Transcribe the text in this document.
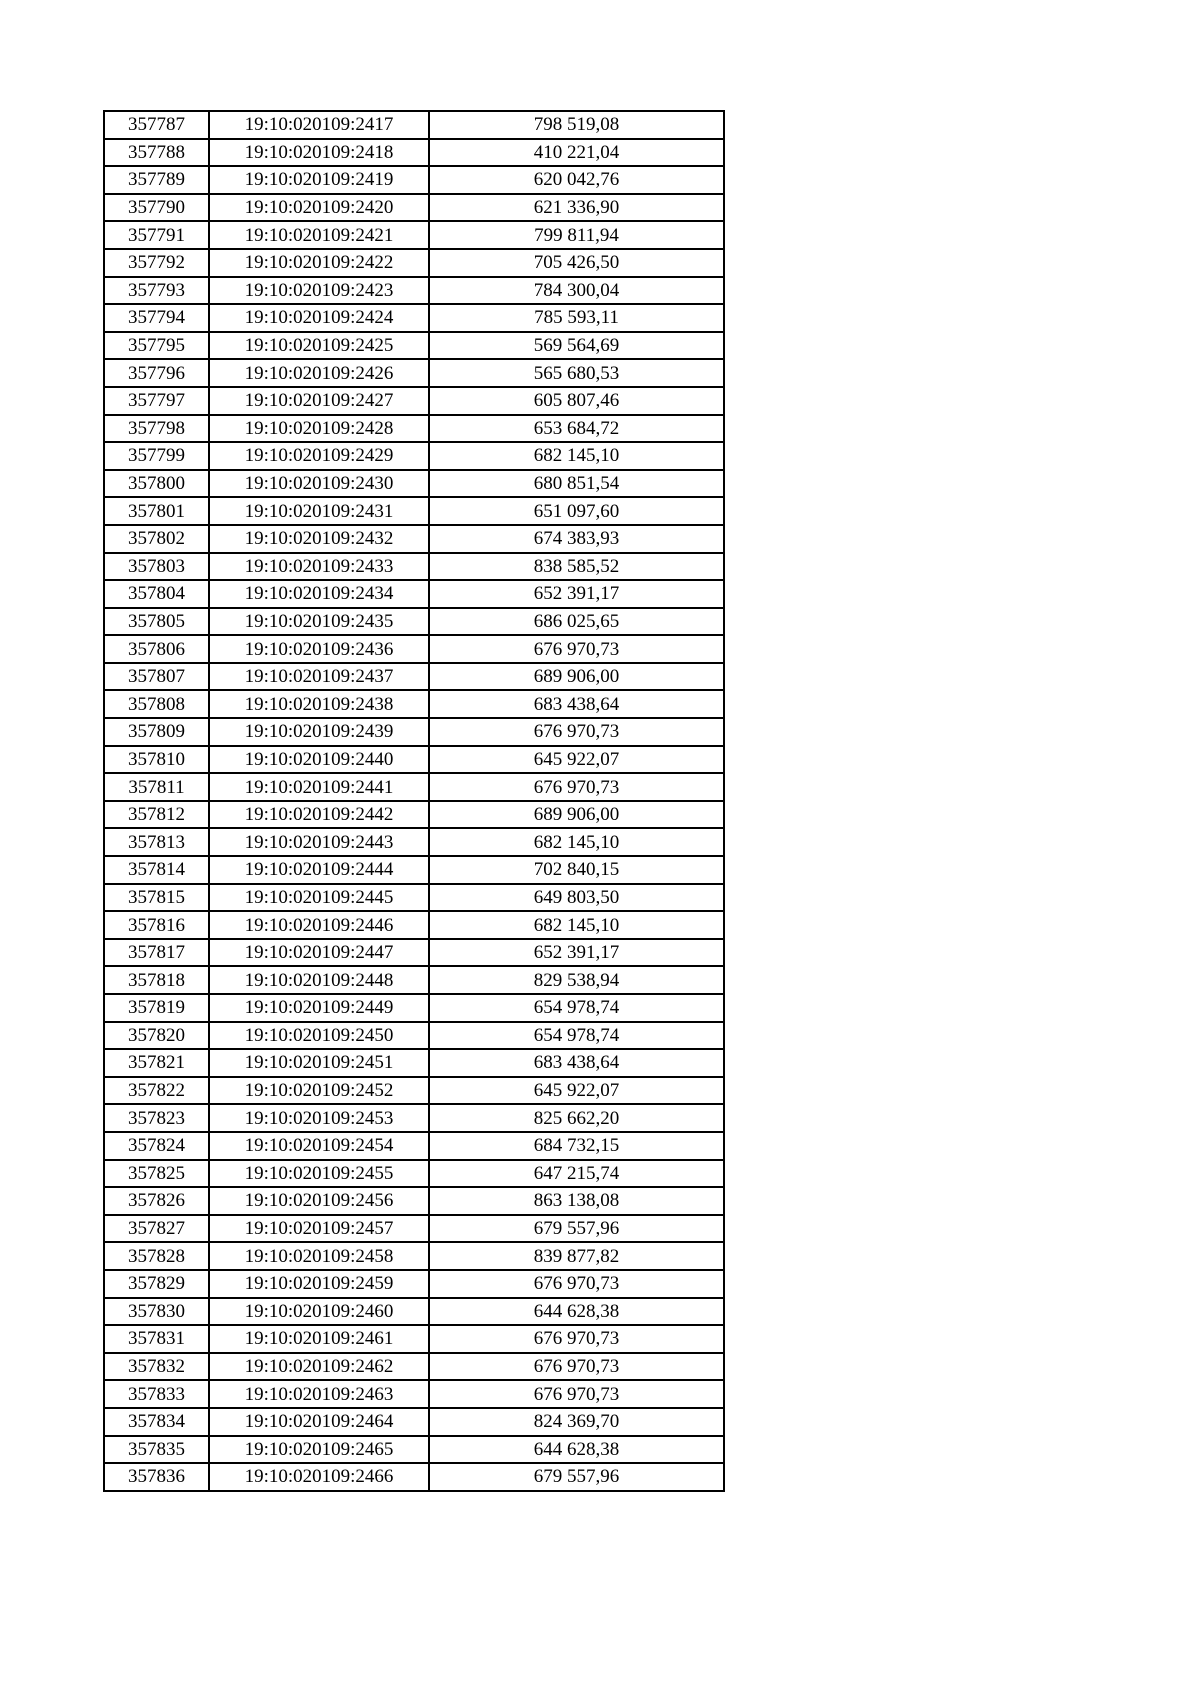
357787	19:10:020109:2417	798 519,08
357788	19:10:020109:2418	410 221,04
357789	19:10:020109:2419	620 042,76
357790	19:10:020109:2420	621 336,90
357791	19:10:020109:2421	799 811,94
357792	19:10:020109:2422	705 426,50
357793	19:10:020109:2423	784 300,04
357794	19:10:020109:2424	785 593,11
357795	19:10:020109:2425	569 564,69
357796	19:10:020109:2426	565 680,53
357797	19:10:020109:2427	605 807,46
357798	19:10:020109:2428	653 684,72
357799	19:10:020109:2429	682 145,10
357800	19:10:020109:2430	680 851,54
357801	19:10:020109:2431	651 097,60
357802	19:10:020109:2432	674 383,93
357803	19:10:020109:2433	838 585,52
357804	19:10:020109:2434	652 391,17
357805	19:10:020109:2435	686 025,65
357806	19:10:020109:2436	676 970,73
357807	19:10:020109:2437	689 906,00
357808	19:10:020109:2438	683 438,64
357809	19:10:020109:2439	676 970,73
357810	19:10:020109:2440	645 922,07
357811	19:10:020109:2441	676 970,73
357812	19:10:020109:2442	689 906,00
357813	19:10:020109:2443	682 145,10
357814	19:10:020109:2444	702 840,15
357815	19:10:020109:2445	649 803,50
357816	19:10:020109:2446	682 145,10
357817	19:10:020109:2447	652 391,17
357818	19:10:020109:2448	829 538,94
357819	19:10:020109:2449	654 978,74
357820	19:10:020109:2450	654 978,74
357821	19:10:020109:2451	683 438,64
357822	19:10:020109:2452	645 922,07
357823	19:10:020109:2453	825 662,20
357824	19:10:020109:2454	684 732,15
357825	19:10:020109:2455	647 215,74
357826	19:10:020109:2456	863 138,08
357827	19:10:020109:2457	679 557,96
357828	19:10:020109:2458	839 877,82
357829	19:10:020109:2459	676 970,73
357830	19:10:020109:2460	644 628,38
357831	19:10:020109:2461	676 970,73
357832	19:10:020109:2462	676 970,73
357833	19:10:020109:2463	676 970,73
357834	19:10:020109:2464	824 369,70
357835	19:10:020109:2465	644 628,38
357836	19:10:020109:2466	679 557,96
